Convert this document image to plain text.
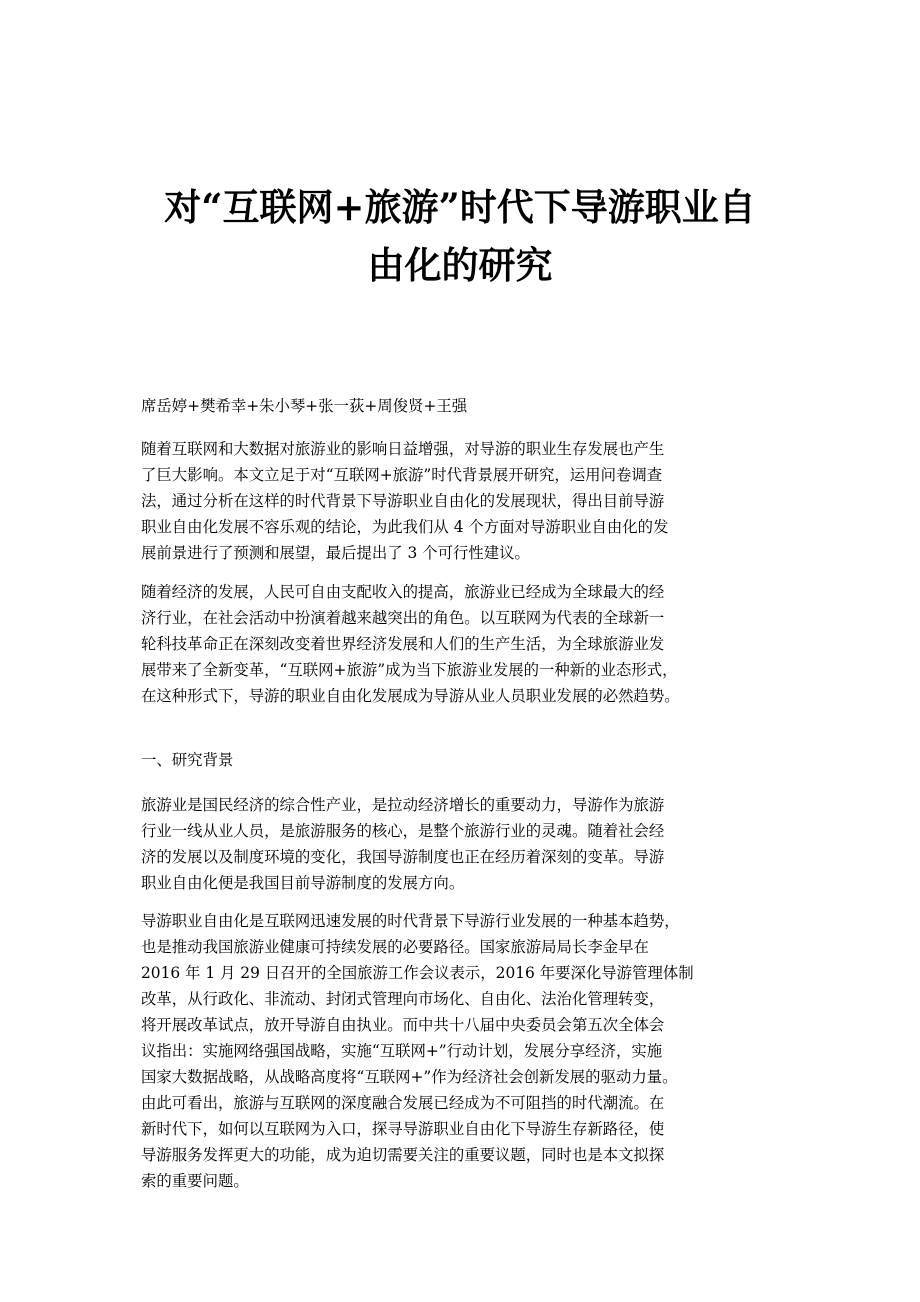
对“互联网+旅游”时代下导游职业自
由化的研究

席岳婷+樊希幸+朱小琴+张一荻+周俊贤+王强

随着互联网和大数据对旅游业的影响日益增强，对导游的职业生存发展也产生
了巨大影响。本文立足于对“互联网+旅游”时代背景展开研究，运用问卷调查
法，通过分析在这样的时代背景下导游职业自由化的发展现状，得出目前导游
职业自由化发展不容乐观的结论，为此我们从 4 个方面对导游职业自由化的发
展前景进行了预测和展望，最后提出了 3 个可行性建议。
随着经济的发展，人民可自由支配收入的提高，旅游业已经成为全球最大的经
济行业，在社会活动中扮演着越来越突出的角色。以互联网为代表的全球新一
轮科技革命正在深刻改变着世界经济发展和人们的生产生活，为全球旅游业发
展带来了全新变革，“互联网+旅游”成为当下旅游业发展的一种新的业态形式，
在这种形式下，导游的职业自由化发展成为导游从业人员职业发展的必然趋势。
一、研究背景
旅游业是国民经济的综合性产业，是拉动经济增长的重要动力，导游作为旅游
行业一线从业人员，是旅游服务的核心，是整个旅游行业的灵魂。随着社会经
济的发展以及制度环境的变化，我国导游制度也正在经历着深刻的变革。导游
职业自由化便是我国目前导游制度的发展方向。
导游职业自由化是互联网迅速发展的时代背景下导游行业发展的一种基本趋势，
也是推动我国旅游业健康可持续发展的必要路径。国家旅游局局长李金早在
2016 年 1 月 29 日召开的全国旅游工作会议表示，2016 年要深化导游管理体制
改革，从行政化、非流动、封闭式管理向市场化、自由化、法治化管理转变，
将开展改革试点，放开导游自由执业。而中共十八届中央委员会第五次全体会
议指出：实施网络强国战略，实施“互联网+”行动计划，发展分享经济，实施
国家大数据战略，从战略高度将“互联网+”作为经济社会创新发展的驱动力量。
由此可看出，旅游与互联网的深度融合发展已经成为不可阻挡的时代潮流。在
新时代下，如何以互联网为入口，探寻导游职业自由化下导游生存新路径，使
导游服务发挥更大的功能，成为迫切需要关注的重要议题，同时也是本文拟探
索的重要问题。
